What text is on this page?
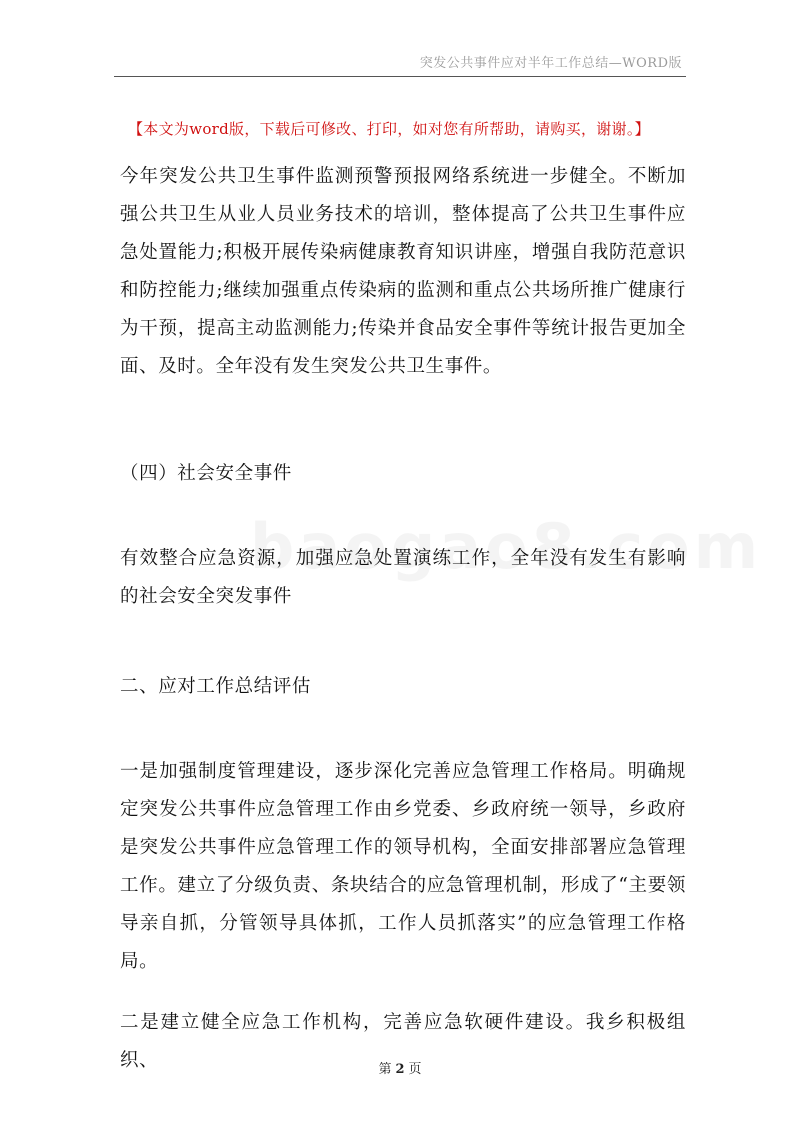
突发公共事件应对半年工作总结—WORD版
【本文为word版，下载后可修改、打印，如对您有所帮助，请购买，谢谢。】

今年突发公共卫生事件监测预警预报网络系统进一步健全。不断加强公共卫生从业人员业务技术的培训，整体提高了公共卫生事件应急处置能力;积极开展传染病健康教育知识讲座，增强自我防范意识和防控能力;继续加强重点传染病的监测和重点公共场所推广健康行为干预，提高主动监测能力;传染并食品安全事件等统计报告更加全面、及时。全年没有发生突发公共卫生事件。

（四）社会安全事件

有效整合应急资源，加强应急处置演练工作，全年没有发生有影响的社会安全突发事件

二、应对工作总结评估

一是加强制度管理建设，逐步深化完善应急管理工作格局。明确规定突发公共事件应急管理工作由乡党委、乡政府统一领导，乡政府是突发公共事件应急管理工作的领导机构，全面安排部署应急管理工作。建立了分级负责、条块结合的应急管理机制，形成了“主要领导亲自抓，分管领导具体抓，工作人员抓落实”的应急管理工作格局。

二是建立健全应急工作机构，完善应急软硬件建设。我乡积极组织、	第 2 页
